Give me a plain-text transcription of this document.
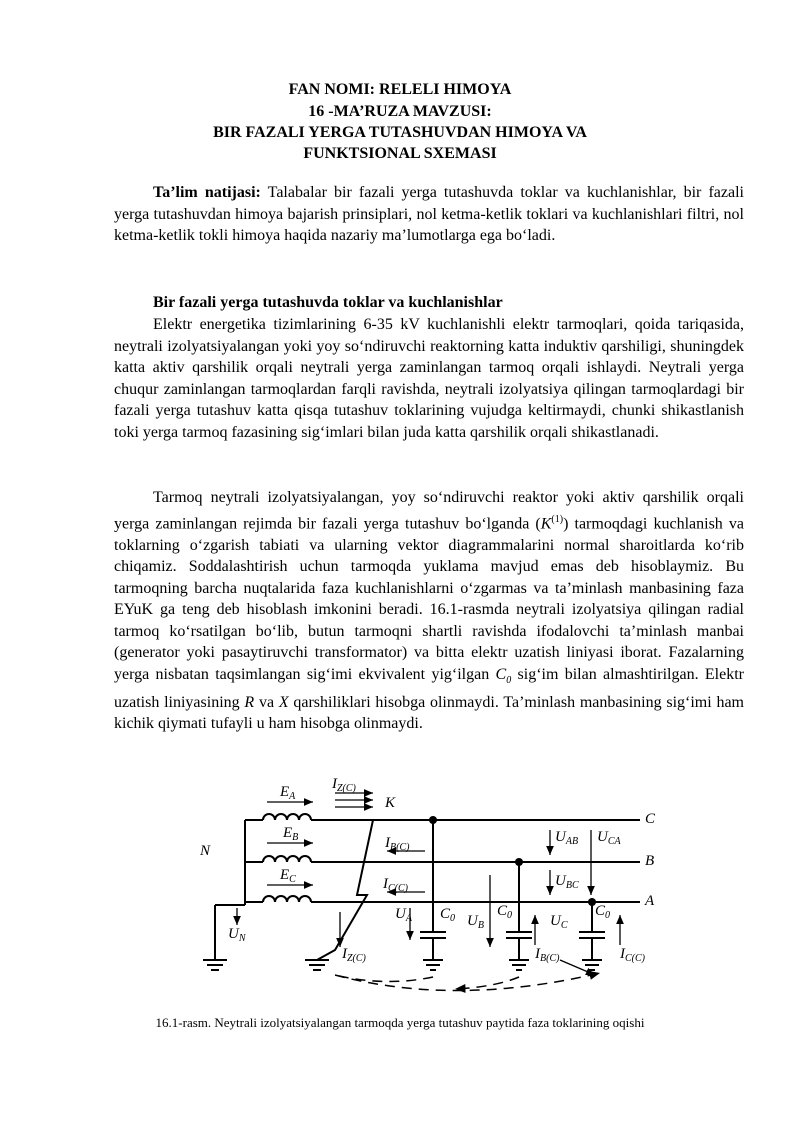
FAN NOMI: RELELI HIMOYA
16 -MA’RUZA MAVZUSI:
BIR FAZALI YERGA TUTASHUVDAN HIMOYA VA
FUNKTSIONAL SXEMASI

Ta’lim natijasi: Talabalar bir fazali yerga tutashuvda toklar va kuchlanishlar, bir fazali yerga tutashuvdan himoya bajarish prinsiplari, nol ketma-ketlik toklari va kuchlanishlari filtri, nol ketma-ketlik tokli himoya haqida nazariy ma’lumotlarga ega bo‘ladi.

Bir fazali yerga tutashuvda toklar va kuchlanishlar

Elektr energetika tizimlarining 6-35 kV kuchlanishli elektr tarmoqlari, qoida tariqasida, neytrali izolyatsiyalangan yoki yoy so‘ndiruvchi reaktorning katta induktiv qarshiligi, shuningdek katta aktiv qarshilik orqali neytrali yerga zaminlangan tarmoq orqali ishlaydi. Neytrali yerga chuqur zaminlangan tarmoqlardan farqli ravishda, neytrali izolyatsiya qilingan tarmoqlardagi bir fazali yerga tutashuv katta qisqa tutashuv toklarining vujudga keltirmaydi, chunki shikastlanish toki yerga tarmoq fazasining sig‘imlari bilan juda katta qarshilik orqali shikastlanadi.

Tarmoq neytrali izolyatsiyalangan, yoy so‘ndiruvchi reaktor yoki aktiv qarshilik orqali yerga zaminlangan rejimda bir fazali yerga tutashuv bo‘lganda $(K^{(1)})$ tarmoqdagi kuchlanish va toklarning o‘zgarish tabiati va ularning vektor diagrammalarini normal sharoitlarda ko‘rib chiqamiz. Soddalashtirish uchun tarmoqda yuklama mavjud emas deb hisoblaymiz. Bu tarmoqning barcha nuqtalarida faza kuchlanishlarni o‘zgarmas va ta’minlash manbasining faza EYuK ga teng deb hisoblash imkonini beradi. 16.1-rasmda neytrali izolyatsiya qilingan radial tarmoq ko‘rsatilgan bo‘lib, butun tarmoqni shartli ravishda ifodalovchi ta’minlash manbai (generator yoki pasaytiruvchi transformator) va bitta elektr uzatish liniyasi iborat. Fazalarning yerga nisbatan taqsimlangan sig‘imi ekvivalent yig‘ilgan $C_0$ sig‘im bilan almashtirilgan. Elektr uzatish liniyasining R va X qarshiliklari hisobga olinmaydi. Ta’minlash manbasining sig‘imi ham kichik qiymati tufayli u ham hisobga olinmaydi.

$E_A$
$E_B$
$E_C$
$I_{Z(C)}$
K
N
$U_N$
$I_{B(C)}$
$I_{C(C)}$
$U_{AB}$ $U_{CA}$
$U_{BC}$
C
B
A
$U_A$	$U_B$	$U_C$
$C_0$	$C_0$	$C_0$
$I_{Z(C)}$	$I_{B(C)}$	$I_{C(C)}$
16.1-rasm. Neytrali izolyatsiyalangan tarmoqda yerga tutashuv paytida faza toklarining oqishi
